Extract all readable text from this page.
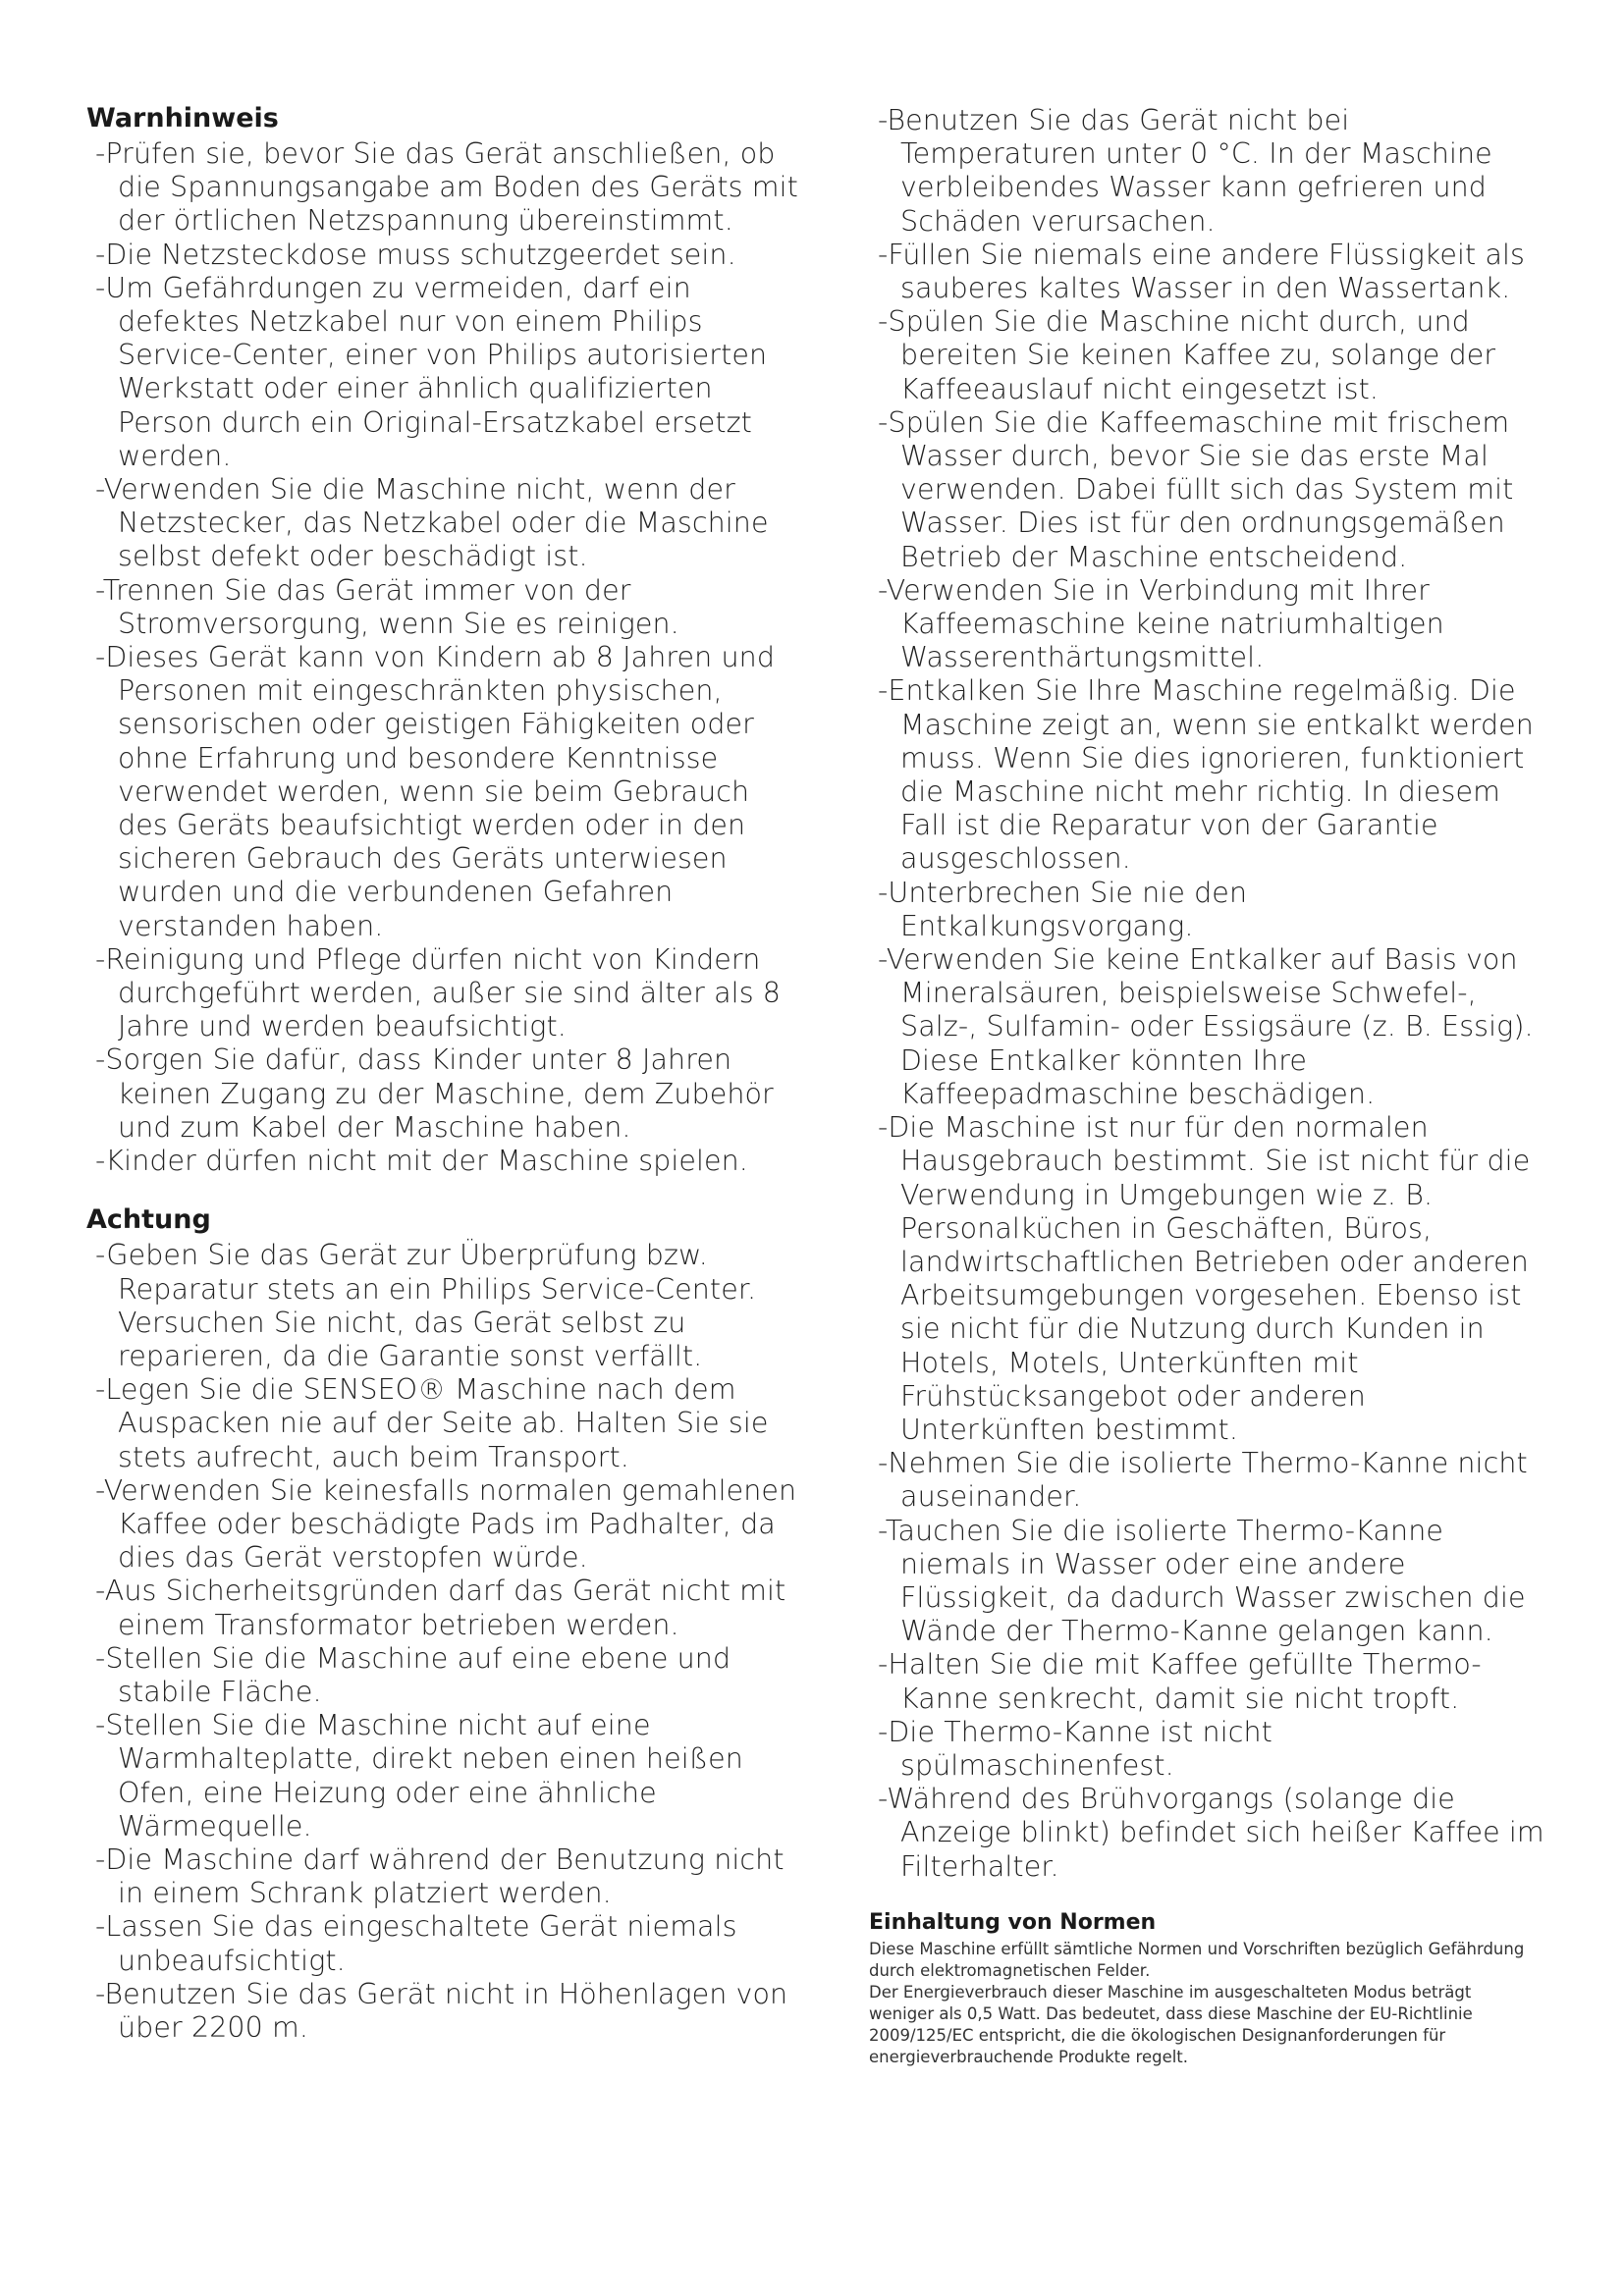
Warnhinweis
-Prüfen sie, bevor Sie das Gerät anschließen, ob die Spannungsangabe am Boden des Geräts mit der örtlichen Netzspannung übereinstimmt.
-Die Netzsteckdose muss schutzgeerdet sein.
-Um Gefährdungen zu vermeiden, darf ein defektes Netzkabel nur von einem Philips Service-Center, einer von Philips autorisierten Werkstatt oder einer ähnlich qualifizierten Person durch ein Original-Ersatzkabel ersetzt werden.
-Verwenden Sie die Maschine nicht, wenn der Netzstecker, das Netzkabel oder die Maschine selbst defekt oder beschädigt ist.
-Trennen Sie das Gerät immer von der Stromversorgung, wenn Sie es reinigen.
-Dieses Gerät kann von Kindern ab 8 Jahren und Personen mit eingeschränkten physischen, sensorischen oder geistigen Fähigkeiten oder ohne Erfahrung und besondere Kenntnisse verwendet werden, wenn sie beim Gebrauch des Geräts beaufsichtigt werden oder in den sicheren Gebrauch des Geräts unterwiesen wurden und die verbundenen Gefahren verstanden haben.
-Reinigung und Pflege dürfen nicht von Kindern durchgeführt werden, außer sie sind älter als 8 Jahre und werden beaufsichtigt.
-Sorgen Sie dafür, dass Kinder unter 8 Jahren keinen Zugang zu der Maschine, dem Zubehör und zum Kabel der Maschine haben.
-Kinder dürfen nicht mit der Maschine spielen.
Achtung
-Geben Sie das Gerät zur Überprüfung bzw. Reparatur stets an ein Philips Service-Center. Versuchen Sie nicht, das Gerät selbst zu reparieren, da die Garantie sonst verfällt.
-Legen Sie die SENSEO® Maschine nach dem Auspacken nie auf der Seite ab. Halten Sie sie stets aufrecht, auch beim Transport.
-Verwenden Sie keinesfalls normalen gemahlenen Kaffee oder beschädigte Pads im Padhalter, da dies das Gerät verstopfen würde.
-Aus Sicherheitsgründen darf das Gerät nicht mit einem Transformator betrieben werden.
-Stellen Sie die Maschine auf eine ebene und stabile Fläche.
-Stellen Sie die Maschine nicht auf eine Warmhalteplatte, direkt neben einen heißen Ofen, eine Heizung oder eine ähnliche Wärmequelle.
-Die Maschine darf während der Benutzung nicht in einem Schrank platziert werden.
-Lassen Sie das eingeschaltete Gerät niemals unbeaufsichtigt.
-Benutzen Sie das Gerät nicht in Höhenlagen von über 2200 m.
-Benutzen Sie das Gerät nicht bei Temperaturen unter 0 °C. In der Maschine verbleibendes Wasser kann gefrieren und Schäden verursachen.
-Füllen Sie niemals eine andere Flüssigkeit als sauberes kaltes Wasser in den Wassertank.
-Spülen Sie die Maschine nicht durch, und bereiten Sie keinen Kaffee zu, solange der Kaffeeauslauf nicht eingesetzt ist.
-Spülen Sie die Kaffeemaschine mit frischem Wasser durch, bevor Sie sie das erste Mal verwenden. Dabei füllt sich das System mit Wasser. Dies ist für den ordnungsgemäßen Betrieb der Maschine entscheidend.
-Verwenden Sie in Verbindung mit Ihrer Kaffeemaschine keine natriumhaltigen Wasserenthärtungsmittel.
-Entkalken Sie Ihre Maschine regelmäßig. Die Maschine zeigt an, wenn sie entkalkt werden muss. Wenn Sie dies ignorieren, funktioniert die Maschine nicht mehr richtig. In diesem Fall ist die Reparatur von der Garantie ausgeschlossen.
-Unterbrechen Sie nie den Entkalkungsvorgang.
-Verwenden Sie keine Entkalker auf Basis von Mineralsäuren, beispielsweise Schwefel-, Salz-, Sulfamin- oder Essigsäure (z. B. Essig). Diese Entkalker könnten Ihre Kaffeepadmaschine beschädigen.
-Die Maschine ist nur für den normalen Hausgebrauch bestimmt. Sie ist nicht für die Verwendung in Umgebungen wie z. B. Personalküchen in Geschäften, Büros, landwirtschaftlichen Betrieben oder anderen Arbeitsumgebungen vorgesehen. Ebenso ist sie nicht für die Nutzung durch Kunden in Hotels, Motels, Unterkünften mit Frühstücksangebot oder anderen Unterkünften bestimmt.
-Nehmen Sie die isolierte Thermo-Kanne nicht auseinander.
-Tauchen Sie die isolierte Thermo-Kanne niemals in Wasser oder eine andere Flüssigkeit, da dadurch Wasser zwischen die Wände der Thermo-Kanne gelangen kann.
-Halten Sie die mit Kaffee gefüllte Thermo-Kanne senkrecht, damit sie nicht tropft.
-Die Thermo-Kanne ist nicht spülmaschinenfest.
-Während des Brühvorgangs (solange die Anzeige blinkt) befindet sich heißer Kaffee im Filterhalter.
Einhaltung von Normen

Diese Maschine erfüllt sämtliche Normen und Vorschriften bezüglich Gefährdung durch elektromagnetischen Felder.

Der Energieverbrauch dieser Maschine im ausgeschalteten Modus beträgt weniger als 0,5 Watt. Das bedeutet, dass diese Maschine der EU-Richtlinie 2009/125/EC entspricht, die die ökologischen Designanforderungen für energieverbrauchende Produkte regelt.
